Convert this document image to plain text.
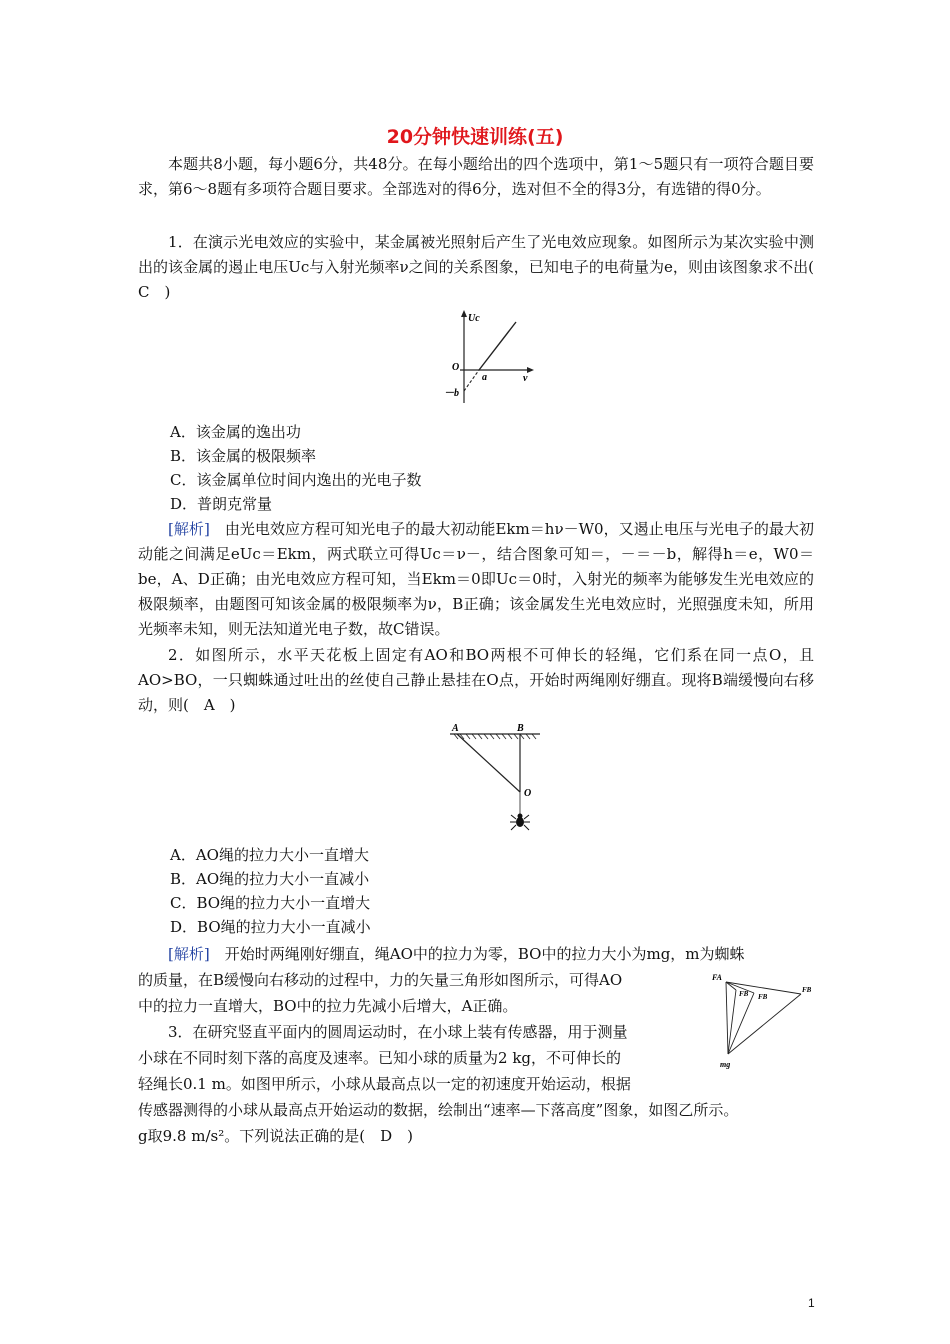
20分钟快速训练(五)

本题共8小题，每小题6分，共48分。在每小题给出的四个选项中，第1～5题只有一项符合题目要求，第6～8题有多项符合题目要求。全部选对的得6分，选对但不全的得3分，有选错的得0分。

1．在演示光电效应的实验中，某金属被光照射后产生了光电效应现象。如图所示为某次实验中测出的该金属的遏止电压Uc与入射光频率ν之间的关系图象，已知电子的电荷量为e，则由该图象求不出(　C　)

Uc
O
a	ν
－b
A．该金属的逸出功
B．该金属的极限频率
C．该金属单位时间内逸出的光电子数
D．普朗克常量

[解析]　 由光电效应方程可知光电子的最大初动能Ekm＝hν－W0，又遏止电压与光电子的最大初动能之间满足eUc＝Ekm，两式联立可得Uc＝ν－，结合图象可知＝，－＝－b，解得h＝e，W0＝be，A、D正确；由光电效应方程可知，当Ekm＝0即Uc＝0时，入射光的频率为能够发生光电效应的极限频率，由题图可知该金属的极限频率为ν，B正确；该金属发生光电效应时，光照强度未知，所用光频率未知，则无法知道光电子数，故C错误。

2．如图所示，水平天花板上固定有AO和BO两根不可伸长的轻绳，它们系在同一点O，且AO>BO，一只蜘蛛通过吐出的丝使自己静止悬挂在O点，开始时两绳刚好绷直。现将B端缓慢向右移动，则(　A　)

A	B
O
A．AO绳的拉力大小一直增大
B．AO绳的拉力大小一直减小
C．BO绳的拉力大小一直增大
D．BO绳的拉力大小一直减小
[解析]　 开始时两绳刚好绷直，绳AO中的拉力为零，BO中的拉力大小为mg，m为蜘蛛
的质量，在B缓慢向右移动的过程中，力的矢量三角形如图所示，可得AO
中的拉力一直增大，BO中的拉力先减小后增大，A正确。
FA
FB FB
FB
mg
3．在研究竖直平面内的圆周运动时，在小球上装有传感器，用于测量
小球在不同时刻下落的高度及速率。已知小球的质量为2 kg，不可伸长的
轻绳长0.1 m。如图甲所示，小球从最高点以一定的初速度开始运动，根据
传感器测得的小球从最高点开始运动的数据，绘制出“速率—下落高度”图象，如图乙所示。
g取9.8 m/s²。下列说法正确的是(　D　)
1
